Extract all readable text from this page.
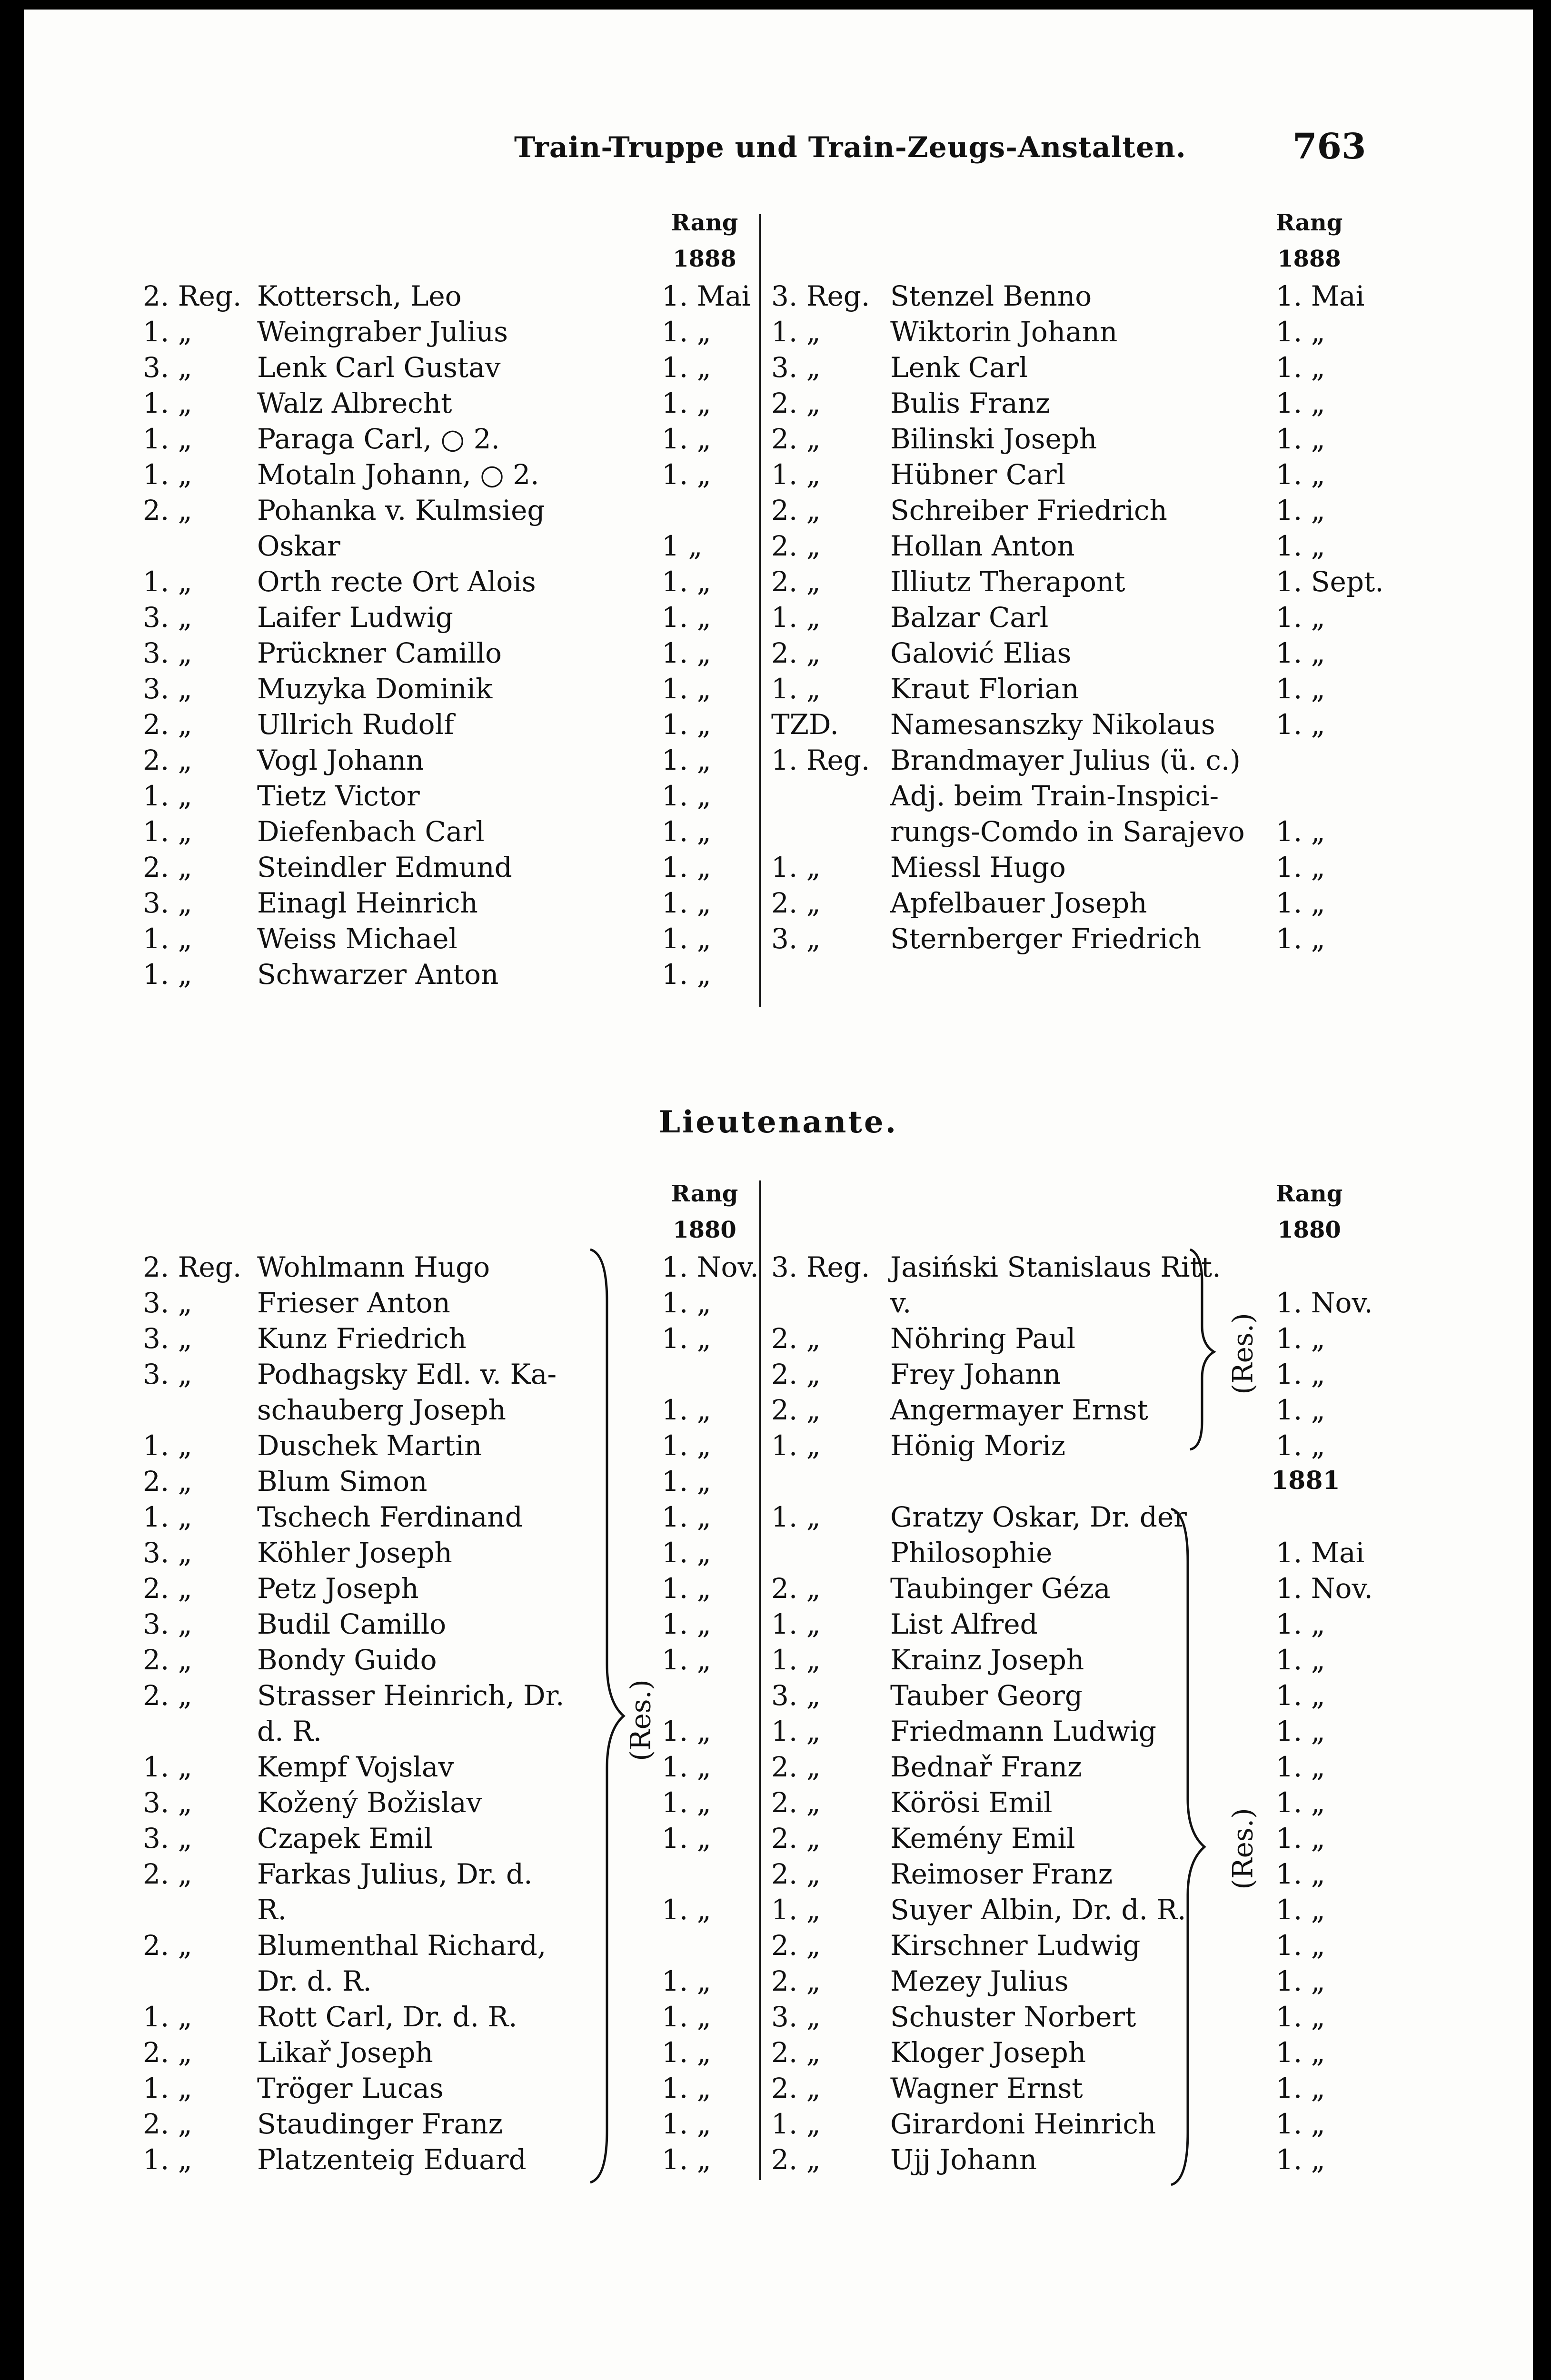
Train-Truppe und Train-Zeugs-Anstalten.	763
Rang
1888
Rang
1888
2. Reg. Kottersch, Leo	1. Mai
1. „ Weingraber Julius	1. „
3. „ Lenk Carl Gustav	1. „
1. „ Walz Albrecht	1. „
1. „ Paraga Carl, ○ 2.	1. „
1. „ Motaln Johann, ○ 2.	1. „
2. „ Pohanka v. Kulmsieg
Oskar	1 „
1. „ Orth recte Ort Alois	1. „
3. „ Laifer Ludwig	1. „
3. „ Prückner Camillo	1. „
3. „ Muzyka Dominik	1. „
2. „ Ullrich Rudolf	1. „
2. „ Vogl Johann	1. „
1. „ Tietz Victor	1. „
1. „ Diefenbach Carl	1. „
2. „ Steindler Edmund	1. „
3. „ Einagl Heinrich	1. „
1. „ Weiss Michael	1. „
1. „ Schwarzer Anton	1. „
3. Reg. Stenzel Benno	1. Mai
1. „	Wiktorin Johann	1. „
3. „	Lenk Carl	1. „
2. „	Bulis Franz	1. „
2. „	Bilinski Joseph	1. „
1. „	Hübner Carl	1. „
2. „	Schreiber Friedrich	1. „
2. „	Hollan Anton	1. „
2. „	Illiutz Therapont	1. Sept.
1. „	Balzar Carl	1. „
2. „	Galović Elias	1. „
1. „	Kraut Florian	1. „
TZD. Namesanszky Nikolaus 1. „
1. Reg. Brandmayer Julius (ü. c.)
Adj. beim Train-Inspici-
rungs-Comdo in Sarajevo 1. „
1. „	Miessl Hugo	1. „
2. „	Apfelbauer Joseph	1. „
3. „	Sternberger Friedrich	1. „
Lieutenante.
Rang
1880
Rang
1880
2. Reg. Wohlmann Hugo	1. Nov.
3. „ Frieser Anton	1. „
3. „ Kunz Friedrich	1. „
3. „ Podhagsky Edl. v. Ka-
schauberg Joseph	1. „
1. „ Duschek Martin	1. „
2. „ Blum Simon	1. „
1. „ Tschech Ferdinand	1. „
3. „ Köhler Joseph	1. „
2. „ Petz Joseph	1. „
3. „ Budil Camillo	1. „
2. „ Bondy Guido	1. „
2. „ Strasser Heinrich, Dr.
d. R.	1. „
1. „ Kempf Vojslav	1. „
3. „ Kožený Božislav	1. „
3. „ Czapek Emil	1. „
2. „ Farkas Julius, Dr. d.
R.	1. „
2. „ Blumenthal Richard,
Dr. d. R.	1. „
1. „ Rott Carl, Dr. d. R.	1. „
2. „ Likař Joseph	1. „
1. „ Tröger Lucas	1. „
2. „ Staudinger Franz	1. „
1. „ Platzenteig Eduard	1. „
3. Reg. Jasiński Stanislaus Ritt.
v.	1. Nov.
2. „	Nöhring Paul	1. „
2. „	Frey Johann	1. „
2. „	Angermayer Ernst	1. „
1. „	Hönig Moriz	1. „
1. „	Gratzy Oskar, Dr. der
Philosophie	1. Mai
2. „	Taubinger Géza	1. Nov.
1. „	List Alfred	1. „
1. „	Krainz Joseph	1. „
3. „	Tauber Georg	1. „
1. „	Friedmann Ludwig	1. „
2. „	Bednař Franz	1. „
2. „	Körösi Emil	1. „
2. „	Kemény Emil	1. „
2. „	Reimoser Franz	1. „
1. „	Suyer Albin, Dr. d. R.	1. „
2. „	Kirschner Ludwig	1. „
2. „	Mezey Julius	1. „
3. „	Schuster Norbert	1. „
2. „	Kloger Joseph	1. „
2. „	Wagner Ernst	1. „
1. „	Girardoni Heinrich	1. „
2. „	Ujj Johann	1. „
1881
(Res.)
(Res.)
(Res.)
